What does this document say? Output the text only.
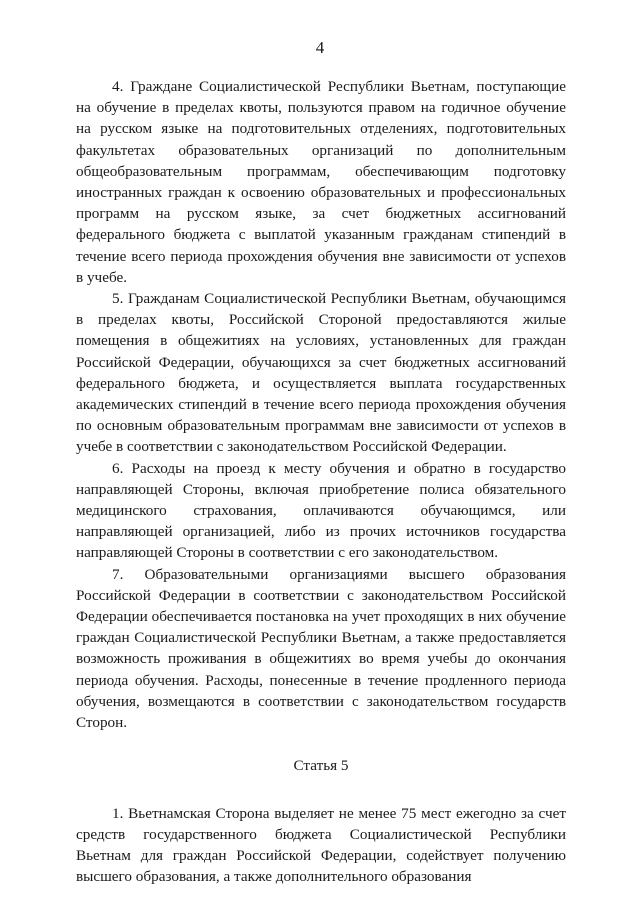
4

4. Граждане Социалистической Республики Вьетнам, поступающие на обучение в пределах квоты, пользуются правом на годичное обучение на русском языке на подготовительных отделениях, подготовительных факультетах образовательных организаций по дополнительным общеобразовательным программам, обеспечивающим подготовку иностранных граждан к освоению образовательных и профессиональных программ на русском языке, за счет бюджетных ассигнований федерального бюджета с выплатой указанным гражданам стипендий в течение всего периода прохождения обучения вне зависимости от успехов в учебе.

5. Гражданам Социалистической Республики Вьетнам, обучающимся в пределах квоты, Российской Стороной предоставляются жилые помещения в общежитиях на условиях, установленных для граждан Российской Федерации, обучающихся за счет бюджетных ассигнований федерального бюджета, и осуществляется выплата государственных академических стипендий в течение всего периода прохождения обучения по основным образовательным программам вне зависимости от успехов в учебе в соответствии с законодательством Российской Федерации.

6. Расходы на проезд к месту обучения и обратно в государство направляющей Стороны, включая приобретение полиса обязательного медицинского страхования, оплачиваются обучающимся, или направляющей организацией, либо из прочих источников государства направляющей Стороны в соответствии с его законодательством.

7. Образовательными организациями высшего образования Российской Федерации в соответствии с законодательством Российской Федерации обеспечивается постановка на учет проходящих в них обучение граждан Социалистической Республики Вьетнам, а также предоставляется возможность проживания в общежитиях во время учебы до окончания периода обучения. Расходы, понесенные в течение продленного периода обучения, возмещаются в соответствии с законодательством государств Сторон.

Статья 5

1. Вьетнамская Сторона выделяет не менее 75 мест ежегодно за счет средств государственного бюджета Социалистической Республики Вьетнам для граждан Российской Федерации, содействует получению высшего образования, а также дополнительного образования
